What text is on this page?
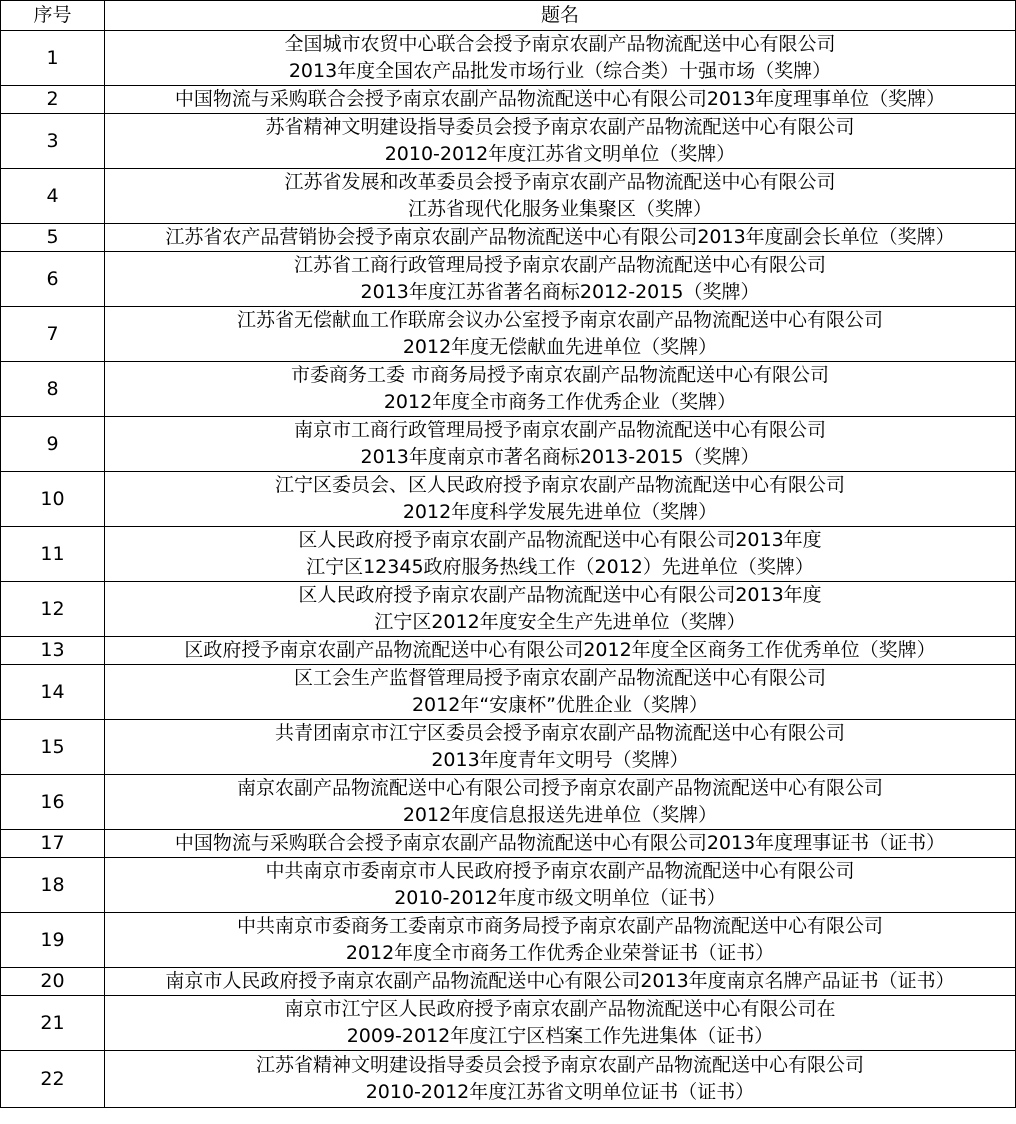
序号	题名
1	全国城市农贸中心联合会授予南京农副产品物流配送中心有限公司
2013年度全国农产品批发市场行业（综合类）十强市场（奖牌）

2	中国物流与采购联合会授予南京农副产品物流配送中心有限公司2013年度理事单位（奖牌）

3	苏省精神文明建设指导委员会授予南京农副产品物流配送中心有限公司
2010-2012年度江苏省文明单位（奖牌）

4	江苏省发展和改革委员会授予南京农副产品物流配送中心有限公司
江苏省现代化服务业集聚区（奖牌）

5	江苏省农产品营销协会授予南京农副产品物流配送中心有限公司2013年度副会长单位（奖牌）

6	江苏省工商行政管理局授予南京农副产品物流配送中心有限公司
2013年度江苏省著名商标2012-2015（奖牌）

7	江苏省无偿献血工作联席会议办公室授予南京农副产品物流配送中心有限公司
2012年度无偿献血先进单位（奖牌）

8	市委商务工委 市商务局授予南京农副产品物流配送中心有限公司
2012年度全市商务工作优秀企业（奖牌）

9	南京市工商行政管理局授予南京农副产品物流配送中心有限公司
2013年度南京市著名商标2013-2015（奖牌）

10	江宁区委员会、区人民政府授予南京农副产品物流配送中心有限公司
2012年度科学发展先进单位（奖牌）

11	区人民政府授予南京农副产品物流配送中心有限公司2013年度
江宁区12345政府服务热线工作（2012）先进单位（奖牌）

12	区人民政府授予南京农副产品物流配送中心有限公司2013年度
江宁区2012年度安全生产先进单位（奖牌）

13	区政府授予南京农副产品物流配送中心有限公司2012年度全区商务工作优秀单位（奖牌）

14	区工会生产监督管理局授予南京农副产品物流配送中心有限公司
2012年“安康杯”优胜企业（奖牌）

15	共青团南京市江宁区委员会授予南京农副产品物流配送中心有限公司
2013年度青年文明号（奖牌）

16	南京农副产品物流配送中心有限公司授予南京农副产品物流配送中心有限公司
2012年度信息报送先进单位（奖牌）

17	中国物流与采购联合会授予南京农副产品物流配送中心有限公司2013年度理事证书（证书）

18	中共南京市委南京市人民政府授予南京农副产品物流配送中心有限公司
2010-2012年度市级文明单位（证书）

19	中共南京市委商务工委南京市商务局授予南京农副产品物流配送中心有限公司
2012年度全市商务工作优秀企业荣誉证书（证书）

20	南京市人民政府授予南京农副产品物流配送中心有限公司2013年度南京名牌产品证书（证书）

21	南京市江宁区人民政府授予南京农副产品物流配送中心有限公司在
2009-2012年度江宁区档案工作先进集体（证书）

22	江苏省精神文明建设指导委员会授予南京农副产品物流配送中心有限公司
2010-2012年度江苏省文明单位证书（证书）
